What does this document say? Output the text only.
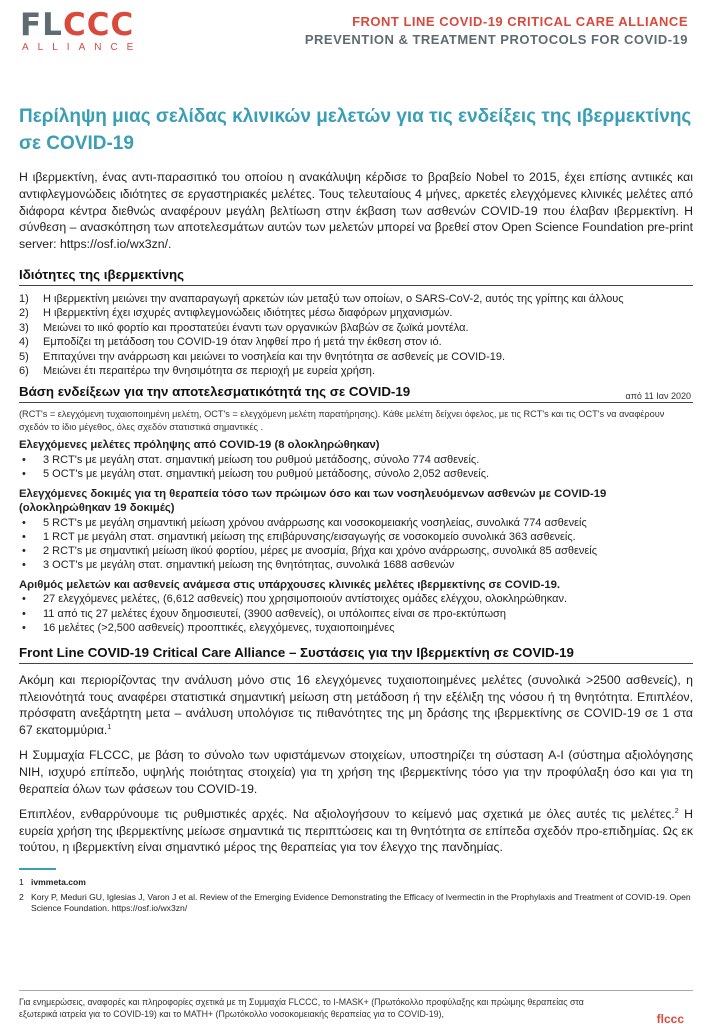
FLCCC
ALLIANCE
FRONT LINE COVID-19 CRITICAL CARE ALLIANCE
PREVENTION & TREATMENT PROTOCOLS FOR COVID-19
Περίληψη μιας σελίδας κλινικών μελετών για τις ενδείξεις της ιβερμεκτίνης σε COVID-19
Η ιβερμεκτίνη, ένας αντι-παρασιτικό του οποίου η ανακάλυψη κέρδισε το βραβείο Nobel το 2015, έχει επίσης αντιικές και αντιφλεγμονώδεις ιδιότητες σε εργαστηριακές μελέτες. Τους τελευταίους 4 μήνες, αρκετές ελεγχόμενες κλινικές μελέτες από διάφορα κέντρα διεθνώς αναφέρουν μεγάλη βελτίωση στην έκβαση των ασθενών COVID-19 που έλαβαν ιβερμεκτίνη. Η σύνθεση – ανασκόπηση των αποτελεσμάτων αυτών των μελετών μπορεί να βρεθεί στον Open Science Foundation pre-print server: https://osf.io/wx3zn/.
Ιδιότητες της ιβερμεκτίνης
1)	Η ιβερμεκτίνη μειώνει την αναπαραγωγή αρκετών ιών μεταξύ των οποίων, ο SARS-CoV-2, αυτός της γρίπης και άλλους
2)	Η ιβερμεκτίνη έχει ισχυρές αντιφλεγμονώδεις ιδιότητες μέσω διαφόρων μηχανισμών.
3)	Μειώνει το ιικό φορτίο και προστατεύει έναντι των οργανικών βλαβών σε ζωϊκά μοντέλα.
4)	Εμποδίζει τη μετάδοση του COVID-19 όταν ληφθεί προ ή μετά την έκθεση στον ιό.
5)	Επιταχύνει την ανάρρωση και μειώνει το νοσηλεία και την θνητότητα σε ασθενείς με COVID-19.
6)	Μειώνει έτι περαιτέρω την θνησιμότητα σε περιοχή με ευρεία χρήση.
Βάση ενδείξεων για την αποτελεσματικότητά της σε COVID-19	από 11 Ιαν 2020
(RCT's = ελεγχόμενη τυχαιοποιημένη μελέτη, OCT's = ελεγχόμενη μελέτη παρατήρησης). Κάθε μελέτη δείχνει όφελος, με τις RCT's και τις OCT's να αναφέρουν σχεδόν το ίδιο μέγεθος, όλες σχεδόν στατιστικά σημαντικές .
Ελεγχόμενες μελέτες πρόληψης από COVID-19 (8 ολοκληρώθηκαν)
•	3 RCT's με μεγάλη στατ. σημαντική μείωση του ρυθμού μετάδοσης, σύνολο 774 ασθενείς.
•	5 OCT's με μεγάλη στατ. σημαντική μείωση του ρυθμού μετάδοσης, σύνολο 2,052 ασθενείς.
Ελεγχόμενες δοκιμές για τη θεραπεία τόσο των πρώιμων όσο και των νοσηλευόμενων ασθενών με COVID-19 (ολοκληρώθηκαν 19 δοκιμές)
•	5 RCT's με μεγάλη σημαντική μείωση χρόνου ανάρρωσης και νοσοκομειακής νοσηλείας, συνολικά 774 ασθενείς
•	1 RCT με μεγάλη στατ. σημαντική μείωση της επιβάρυνσης/εισαγωγής σε νοσοκομείο συνολικά 363 ασθενείς.
•	2 RCT's με σημαντική μείωση ιϊκού φορτίου, μέρες με ανοσμία, βήχα και χρόνο ανάρρωσης, συνολικά 85 ασθενείς
•	3 OCT's με μεγάλη στατ. σημαντική μείωση της θνητότητας, συνολικά 1688 ασθενών
Αριθμός μελετών και ασθενείς ανάμεσα στις υπάρχουσες κλινικές μελέτες ιβερμεκτίνης σε COVID-19.
•	27 ελεγχόμενες μελέτες, (6,612 ασθενείς) που χρησιμοποιούν αντίστοιχες ομάδες ελέγχου, ολοκληρώθηκαν.
•	11 από τις 27 μελέτες έχουν δημοσιευτεί, (3900 ασθενείς), οι υπόλοιπες είναι σε προ-εκτύπωση
•	16 μελέτες (>2,500 ασθενείς) προοπτικές, ελεγχόμενες, τυχαιοποιημένες
Front Line COVID-19 Critical Care Alliance – Συστάσεις για την Ιβερμεκτίνη σε COVID-19
Ακόμη και περιορίζοντας την ανάλυση μόνο στις 16 ελεγχόμενες τυχαιοποιημένες μελέτες (συνολικά >2500 ασθενείς), η πλειονότητά τους αναφέρει στατιστικά σημαντική μείωση στη μετάδοση ή την εξέλιξη της νόσου ή τη θνητότητα. Επιπλέον, πρόσφατη ανεξάρτητη μετα – ανάλυση υπολόγισε τις πιθανότητες της μη δράσης της ιβερμεκτίνης σε COVID-19 σε 1 στα 67 εκατομμύρια.$^1$
Η Συμμαχία FLCCC, με βάση το σύνολο των υφιστάμενων στοιχείων, υποστηρίζει τη σύσταση A-I (σύστημα αξιολόγησης NIH, ισχυρό επίπεδο, υψηλής ποιότητας στοιχεία) για τη χρήση της ιβερμεκτίνης τόσο για την προφύλαξη όσο και για τη θεραπεία όλων των φάσεων του COVID-19.
Επιπλέον, ενθαρρύνουμε τις ρυθμιστικές αρχές. Να αξιολογήσουν το κείμενό μας σχετικά με όλες αυτές τις μελέτες.$^2$ Η ευρεία χρήση της ιβερμεκτίνης μείωσε σημαντικά τις περιπτώσεις και τη θνητότητα σε επίπεδα σχεδόν προ-επιδημίας. Ως εκ τούτου, η ιβερμεκτίνη είναι σημαντικό μέρος της θεραπείας για τον έλεγχο της πανδημίας.
1 ivmmeta.com
2 Kory P, Meduri GU, Iglesias J, Varon J et al. Review of the Emerging Evidence Demonstrating the Efficacy of Ivermectin in the Prophylaxis and Treatment of COVID-19. Open Science Foundation. https://osf.io/wx3zn/
Για ενημερώσεις, αναφορές και πληροφορίες σχετικά με τη Συμμαχία FLCCC, το I-MASK+ (Πρωτόκολλο προφύλαξης και πρώιμης θεραπείας στα εξωτερικά ιατρεία για το COVID-19) και το MATH+ (Πρωτόκολλο νοσοκομειακής θεραπείας για το COVID-19),	flccc
